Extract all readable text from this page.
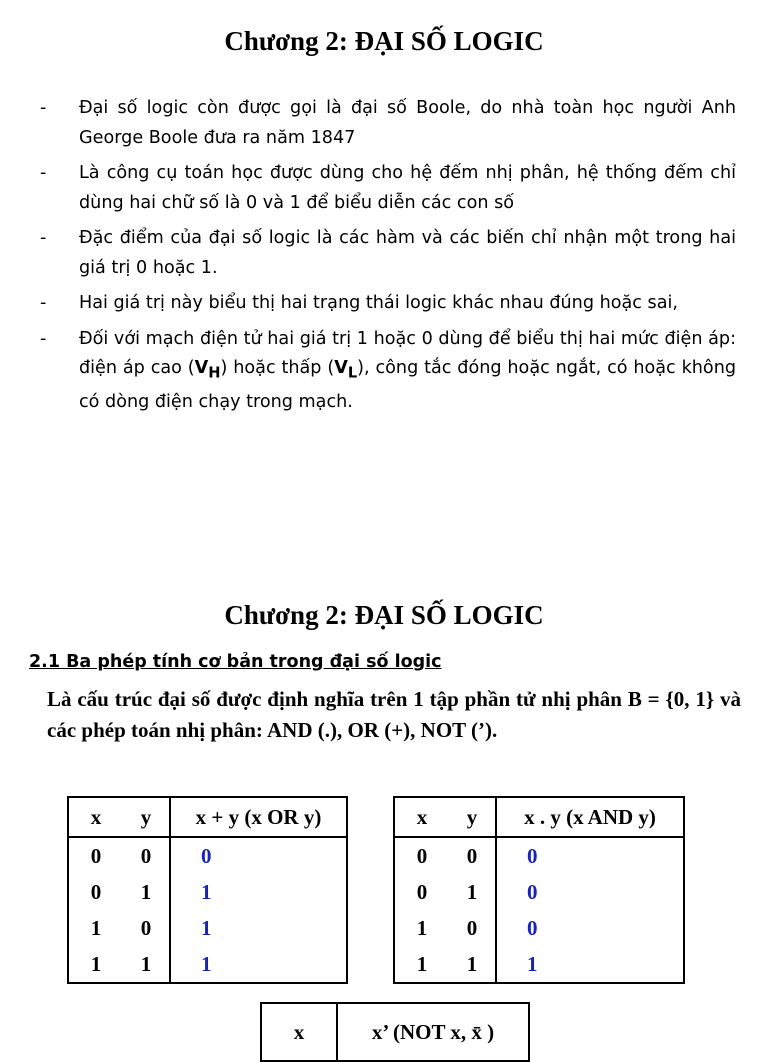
Chương 2: ĐẠI SỐ LOGIC
-	Đại số logic còn được gọi là đại số Boole, do nhà toàn học người Anh George Boole đưa ra năm 1847
-	Là công cụ toán học được dùng cho hệ đếm nhị phân, hệ thống đếm chỉ dùng hai chữ số là 0 và 1 để biểu diễn các con số
-	Đặc điểm của đại số logic là các hàm và các biến chỉ nhận một trong hai giá trị 0 hoặc 1.
-	Hai giá trị này biểu thị hai trạng thái logic khác nhau đúng hoặc sai,
-	Đối với mạch điện tử hai giá trị 1 hoặc 0 dùng để biểu thị hai mức điện áp: điện áp cao $(V_H)$ hoặc thấp $(V_L)$, công tắc đóng hoặc ngắt, có hoặc không có dòng điện chạy trong mạch.
Chương 2: ĐẠI SỐ LOGIC
2.1 Ba phép tính cơ bản trong đại số logic
Là cấu trúc đại số được định nghĩa trên 1 tập phần tử nhị phân B = {0, 1} và các phép toán nhị phân: AND (.), OR (+), NOT (’).
x	y	x + y (x OR y)
0	0	0
0	1	1
1	0	1
1	1	1
x	y	x . y (x AND y)
0	0	0
0	1	0
1	0	0
1	1	1
x	x’ (NOT x, x̄ )
